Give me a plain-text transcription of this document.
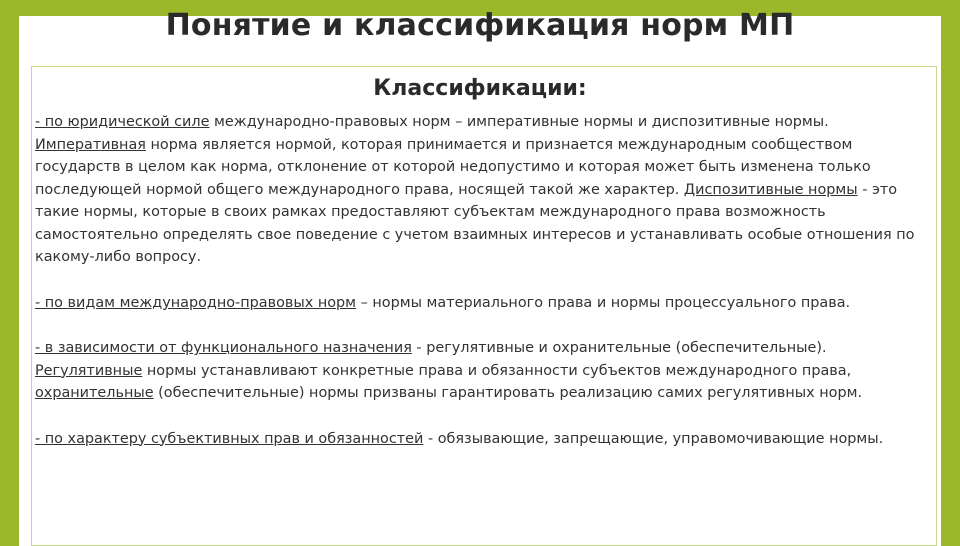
Понятие и классификация норм МП
Классификации:

- по юридической силе международно-правовых норм – императивные нормы и диспозитивные нормы. Императивная норма является нормой, которая принимается и признается международным сообществом государств в целом как норма, отклонение от которой недопустимо и которая может быть изменена только последующей нормой общего международного права, носящей такой же характер. Диспозитивные нормы - это такие нормы, которые в своих рамках предоставляют субъектам международного права возможность самостоятельно определять свое поведение с учетом взаимных интересов и устанавливать особые отношения по какому-либо вопросу.

- по видам международно-правовых норм – нормы материального права и нормы процессуального права.

- в зависимости от функционального назначения - регулятивные и охранительные (обеспечительные). Регулятивные нормы устанавливают конкретные права и обязанности субъектов международного права, охранительные (обеспечительные) нормы призваны гарантировать реализацию самих регулятивных норм.

- по характеру субъективных прав и обязанностей - обязывающие, запрещающие, управомочивающие нормы.
